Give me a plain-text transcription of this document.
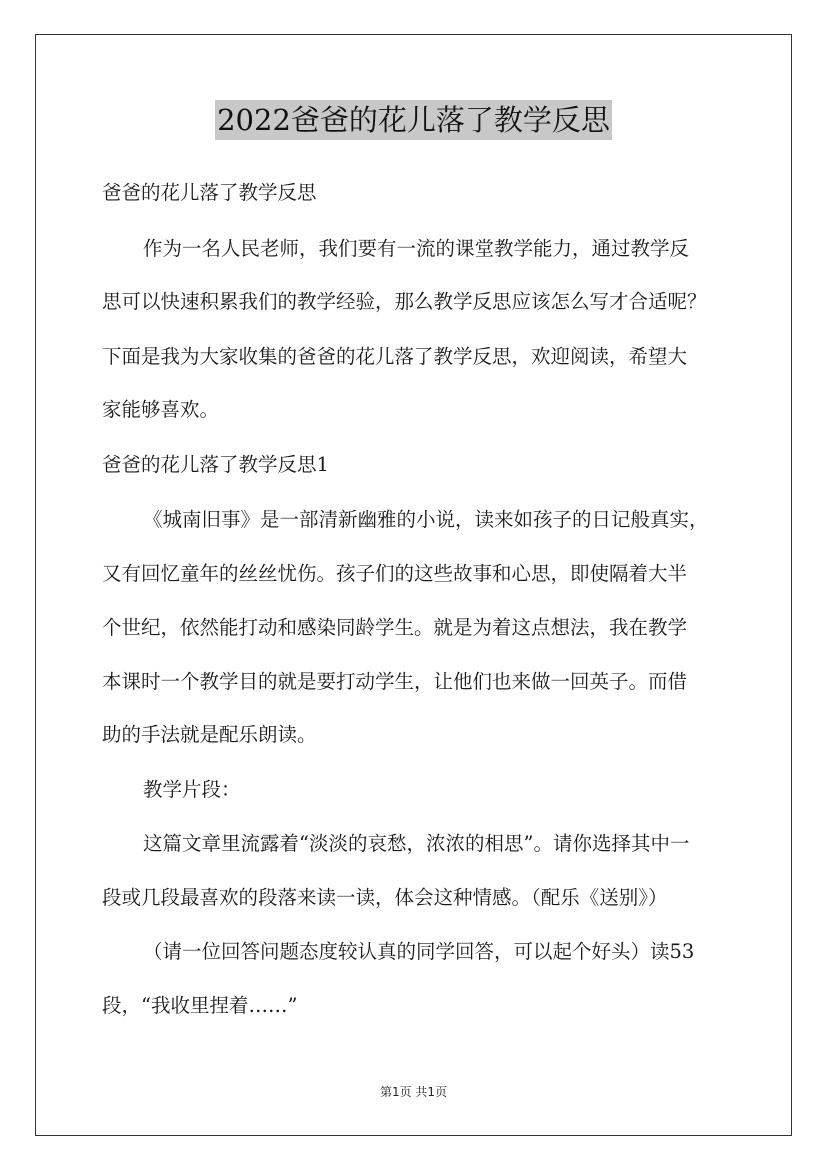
2022爸爸的花儿落了教学反思
爸爸的花儿落了教学反思
作为一名人民老师，我们要有一流的课堂教学能力，通过教学反
思可以快速积累我们的教学经验，那么教学反思应该怎么写才合适呢？
下面是我为大家收集的爸爸的花儿落了教学反思，欢迎阅读，希望大
家能够喜欢。
爸爸的花儿落了教学反思1
《城南旧事》是一部清新幽雅的小说，读来如孩子的日记般真实，
又有回忆童年的丝丝忧伤。孩子们的这些故事和心思，即使隔着大半
个世纪，依然能打动和感染同龄学生。就是为着这点想法，我在教学
本课时一个教学目的就是要打动学生，让他们也来做一回英子。而借
助的手法就是配乐朗读。
教学片段：
这篇文章里流露着“淡淡的哀愁，浓浓的相思”。请你选择其中一
段或几段最喜欢的段落来读一读，体会这种情感。（配乐《送别》）
（请一位回答问题态度较认真的同学回答，可以起个好头）读53
段，“我收里捏着……”
第1页 共1页
